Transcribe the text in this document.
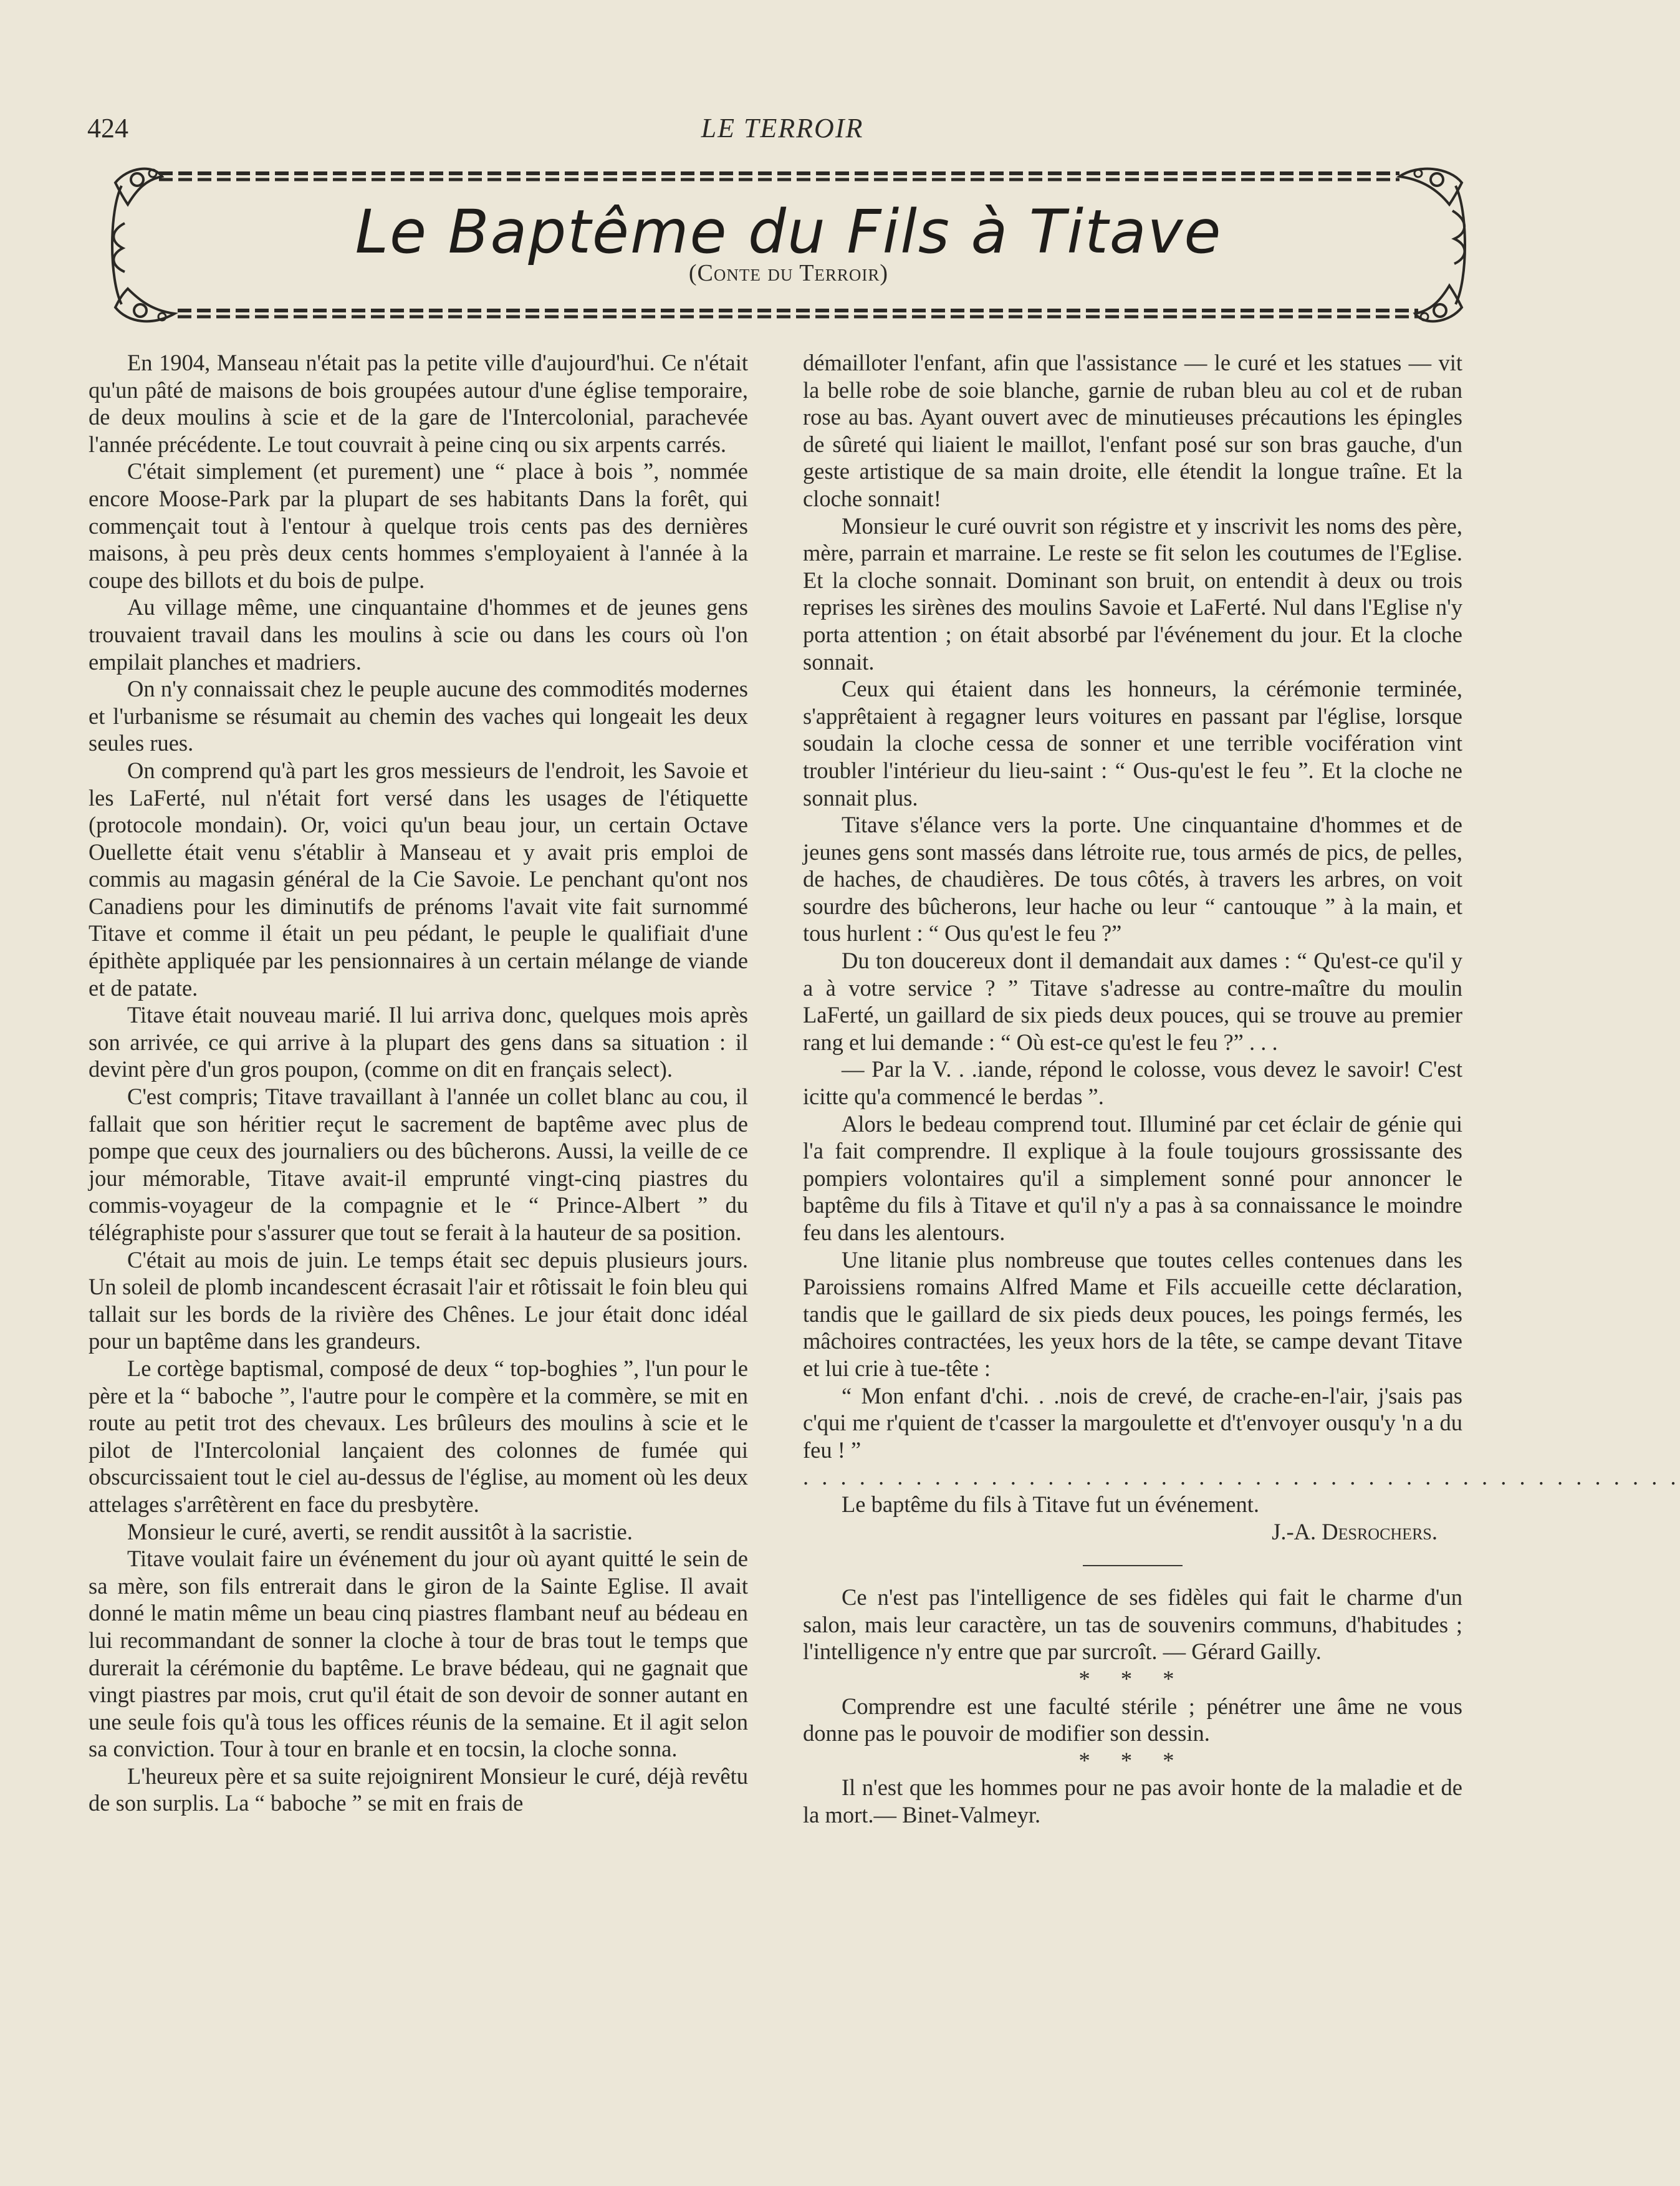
424	LE TERROIR
Le Baptême du Fils à Titave
(Conte du Terroir)

En 1904, Manseau n'était pas la petite ville d'aujourd'hui. Ce n'était qu'un pâté de maisons de bois groupées autour d'une église temporaire, de deux moulins à scie et de la gare de l'Intercolonial, parachevée l'année précédente. Le tout couvrait à peine cinq ou six arpents carrés.

C'était simplement (et purement) une “ place à bois ”, nommée encore Moose-Park par la plupart de ses habitants Dans la forêt, qui commençait tout à l'entour à quelque trois cents pas des dernières maisons, à peu près deux cents hommes s'employaient à l'année à la coupe des billots et du bois de pulpe.

Au village même, une cinquantaine d'hommes et de jeunes gens trouvaient travail dans les moulins à scie ou dans les cours où l'on empilait planches et madriers.

On n'y connaissait chez le peuple aucune des commodités modernes et l'urbanisme se résumait au chemin des vaches qui longeait les deux seules rues.

On comprend qu'à part les gros messieurs de l'endroit, les Savoie et les LaFerté, nul n'était fort versé dans les usages de l'étiquette (protocole mondain). Or, voici qu'un beau jour, un certain Octave Ouellette était venu s'établir à Manseau et y avait pris emploi de commis au magasin général de la Cie Savoie. Le penchant qu'ont nos Canadiens pour les diminutifs de prénoms l'avait vite fait surnommé Titave et comme il était un peu pédant, le peuple le qualifiait d'une épithète appliquée par les pensionnaires à un certain mélange de viande et de patate.

Titave était nouveau marié. Il lui arriva donc, quelques mois après son arrivée, ce qui arrive à la plupart des gens dans sa situation : il devint père d'un gros poupon, (comme on dit en français select).

C'est compris; Titave travaillant à l'année un collet blanc au cou, il fallait que son héritier reçut le sacrement de baptême avec plus de pompe que ceux des journaliers ou des bûcherons. Aussi, la veille de ce jour mémorable, Titave avait-il emprunté vingt-cinq piastres du commis-voyageur de la compagnie et le “ Prince-Albert ” du télégraphiste pour s'assurer que tout se ferait à la hauteur de sa position.

C'était au mois de juin. Le temps était sec depuis plusieurs jours. Un soleil de plomb incandescent écrasait l'air et rôtissait le foin bleu qui tallait sur les bords de la rivière des Chênes. Le jour était donc idéal pour un baptême dans les grandeurs.

Le cortège baptismal, composé de deux “ top-boghies ”, l'un pour le père et la “ baboche ”, l'autre pour le compère et la commère, se mit en route au petit trot des chevaux. Les brûleurs des moulins à scie et le pilot de l'Intercolonial lançaient des colonnes de fumée qui obscurcissaient tout le ciel au-dessus de l'église, au moment où les deux attelages s'arrêtèrent en face du presbytère.

Monsieur le curé, averti, se rendit aussitôt à la sacristie.

Titave voulait faire un événement du jour où ayant quitté le sein de sa mère, son fils entrerait dans le giron de la Sainte Eglise. Il avait donné le matin même un beau cinq piastres flambant neuf au bédeau en lui recommandant de sonner la cloche à tour de bras tout le temps que durerait la cérémonie du baptême. Le brave bédeau, qui ne gagnait que vingt piastres par mois, crut qu'il était de son devoir de sonner autant en une seule fois qu'à tous les offices réunis de la semaine. Et il agit selon sa conviction. Tour à tour en branle et en tocsin, la cloche sonna.

L'heureux père et sa suite rejoignirent Monsieur le curé, déjà revêtu de son surplis. La “ baboche ” se mit en frais de

démailloter l'enfant, afin que l'assistance — le curé et les statues — vit la belle robe de soie blanche, garnie de ruban bleu au col et de ruban rose au bas. Ayant ouvert avec de minutieuses précautions les épingles de sûreté qui liaient le maillot, l'enfant posé sur son bras gauche, d'un geste artistique de sa main droite, elle étendit la longue traîne. Et la cloche sonnait!

Monsieur le curé ouvrit son régistre et y inscrivit les noms des père, mère, parrain et marraine. Le reste se fit selon les coutumes de l'Eglise. Et la cloche sonnait. Dominant son bruit, on entendit à deux ou trois reprises les sirènes des moulins Savoie et LaFerté. Nul dans l'Eglise n'y porta attention ; on était absorbé par l'événement du jour. Et la cloche sonnait.

Ceux qui étaient dans les honneurs, la cérémonie terminée, s'apprêtaient à regagner leurs voitures en passant par l'église, lorsque soudain la cloche cessa de sonner et une terrible vocifération vint troubler l'intérieur du lieu-saint : “ Ous-qu'est le feu ”. Et la cloche ne sonnait plus.

Titave s'élance vers la porte. Une cinquantaine d'hommes et de jeunes gens sont massés dans létroite rue, tous armés de pics, de pelles, de haches, de chaudières. De tous côtés, à travers les arbres, on voit sourdre des bûcherons, leur hache ou leur “ cantouque ” à la main, et tous hurlent : “ Ous qu'est le feu ?”

Du ton doucereux dont il demandait aux dames : “ Qu'est-ce qu'il y a à votre service ? ” Titave s'adresse au contre-maître du moulin LaFerté, un gaillard de six pieds deux pouces, qui se trouve au premier rang et lui demande : “ Où est-ce qu'est le feu ?” . . .

— Par la V. . .iande, répond le colosse, vous devez le savoir! C'est icitte qu'a commencé le berdas ”.

Alors le bedeau comprend tout. Illuminé par cet éclair de génie qui l'a fait comprendre. Il explique à la foule toujours grossissante des pompiers volontaires qu'il a simplement sonné pour annoncer le baptême du fils à Titave et qu'il n'y a pas à sa connaissance le moindre feu dans les alentours.

Une litanie plus nombreuse que toutes celles contenues dans les Paroissiens romains Alfred Mame et Fils accueille cette déclaration, tandis que le gaillard de six pieds deux pouces, les poings fermés, les mâchoires contractées, les yeux hors de la tête, se campe devant Titave et lui crie à tue-tête :

“ Mon enfant d'chi. . .nois de crevé, de crache-en-l'air, j'sais pas c'qui me r'quient de t'casser la margoulette et d't'envoyer ousqu'y 'n a du feu ! ”

. . . . . . . . . . . . . . . . . . . . . . . . . . . . . . . . . . . . . . . . . . . . . . .

Le baptême du fils à Titave fut un événement.

J.-A. Desrochers.

Ce n'est pas l'intelligence de ses fidèles qui fait le charme d'un salon, mais leur caractère, un tas de souvenirs communs, d'habitudes ; l'intelligence n'y entre que par surcroît. — Gérard Gailly.

* * *

Comprendre est une faculté stérile ; pénétrer une âme ne vous donne pas le pouvoir de modifier son dessin.

* * *

Il n'est que les hommes pour ne pas avoir honte de la maladie et de la mort.— Binet-Valmeyr.
